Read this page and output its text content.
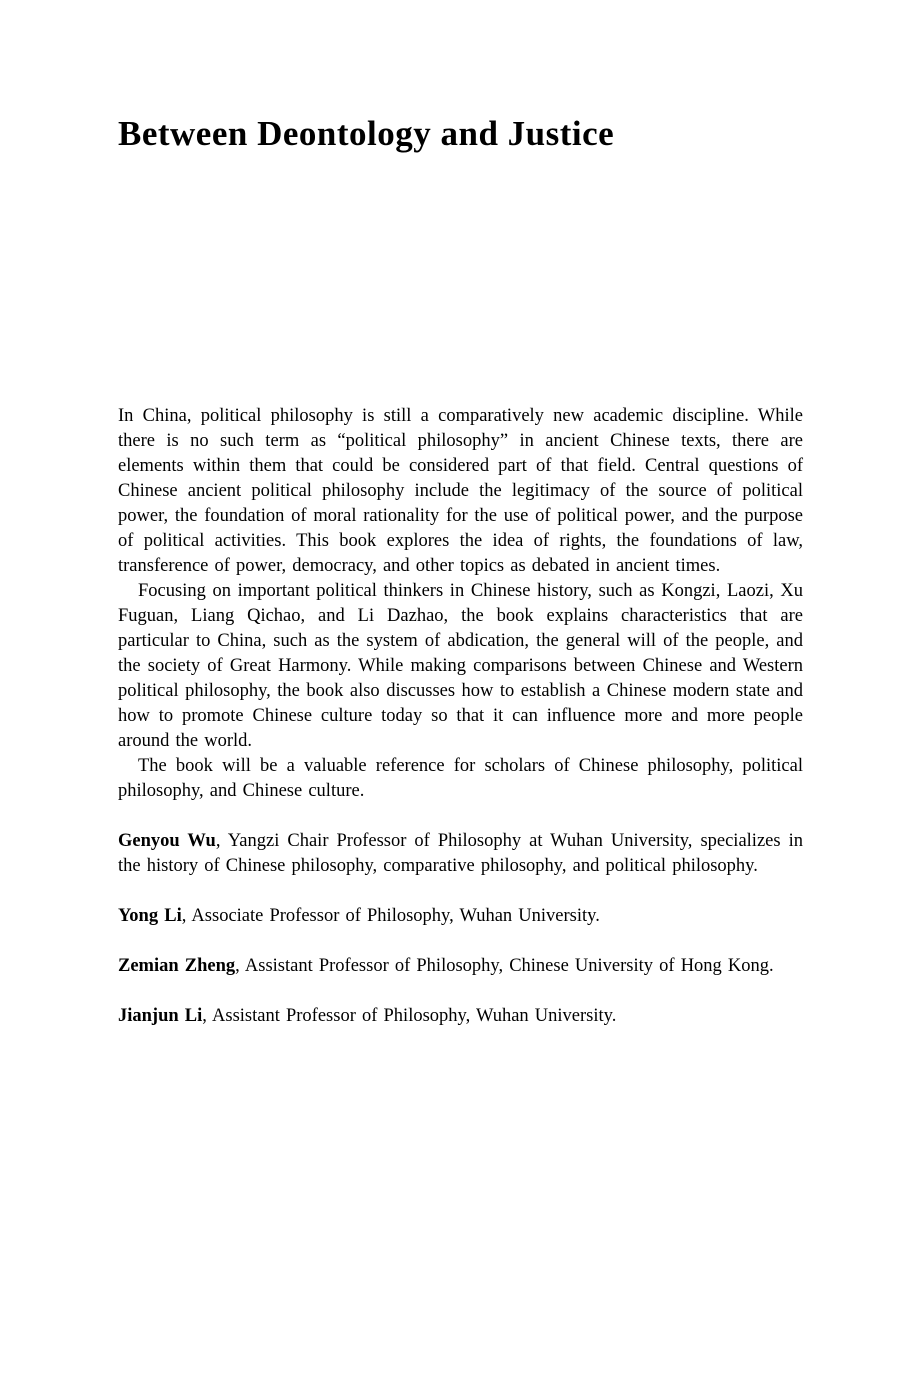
Between Deontology and Justice

In China, political philosophy is still a comparatively new academic discipline. While there is no such term as “political philosophy” in ancient Chinese texts, there are elements within them that could be considered part of that field. Central questions of Chinese ancient political philosophy include the legitimacy of the source of political power, the foundation of moral rationality for the use of political power, and the purpose of political activities. This book explores the idea of rights, the foundations of law, transference of power, democracy, and other topics as debated in ancient times.

Focusing on important political thinkers in Chinese history, such as Kongzi, Laozi, Xu Fuguan, Liang Qichao, and Li Dazhao, the book explains characteristics that are particular to China, such as the system of abdication, the general will of the people, and the society of Great Harmony. While making comparisons between Chinese and Western political philosophy, the book also discusses how to establish a Chinese modern state and how to promote Chinese culture today so that it can influence more and more people around the world.

The book will be a valuable reference for scholars of Chinese philosophy, political philosophy, and Chinese culture.

Genyou Wu, Yangzi Chair Professor of Philosophy at Wuhan University, specializes in the history of Chinese philosophy, comparative philosophy, and political philosophy.

Yong Li, Associate Professor of Philosophy, Wuhan University.

Zemian Zheng, Assistant Professor of Philosophy, Chinese University of Hong Kong.

Jianjun Li, Assistant Professor of Philosophy, Wuhan University.
